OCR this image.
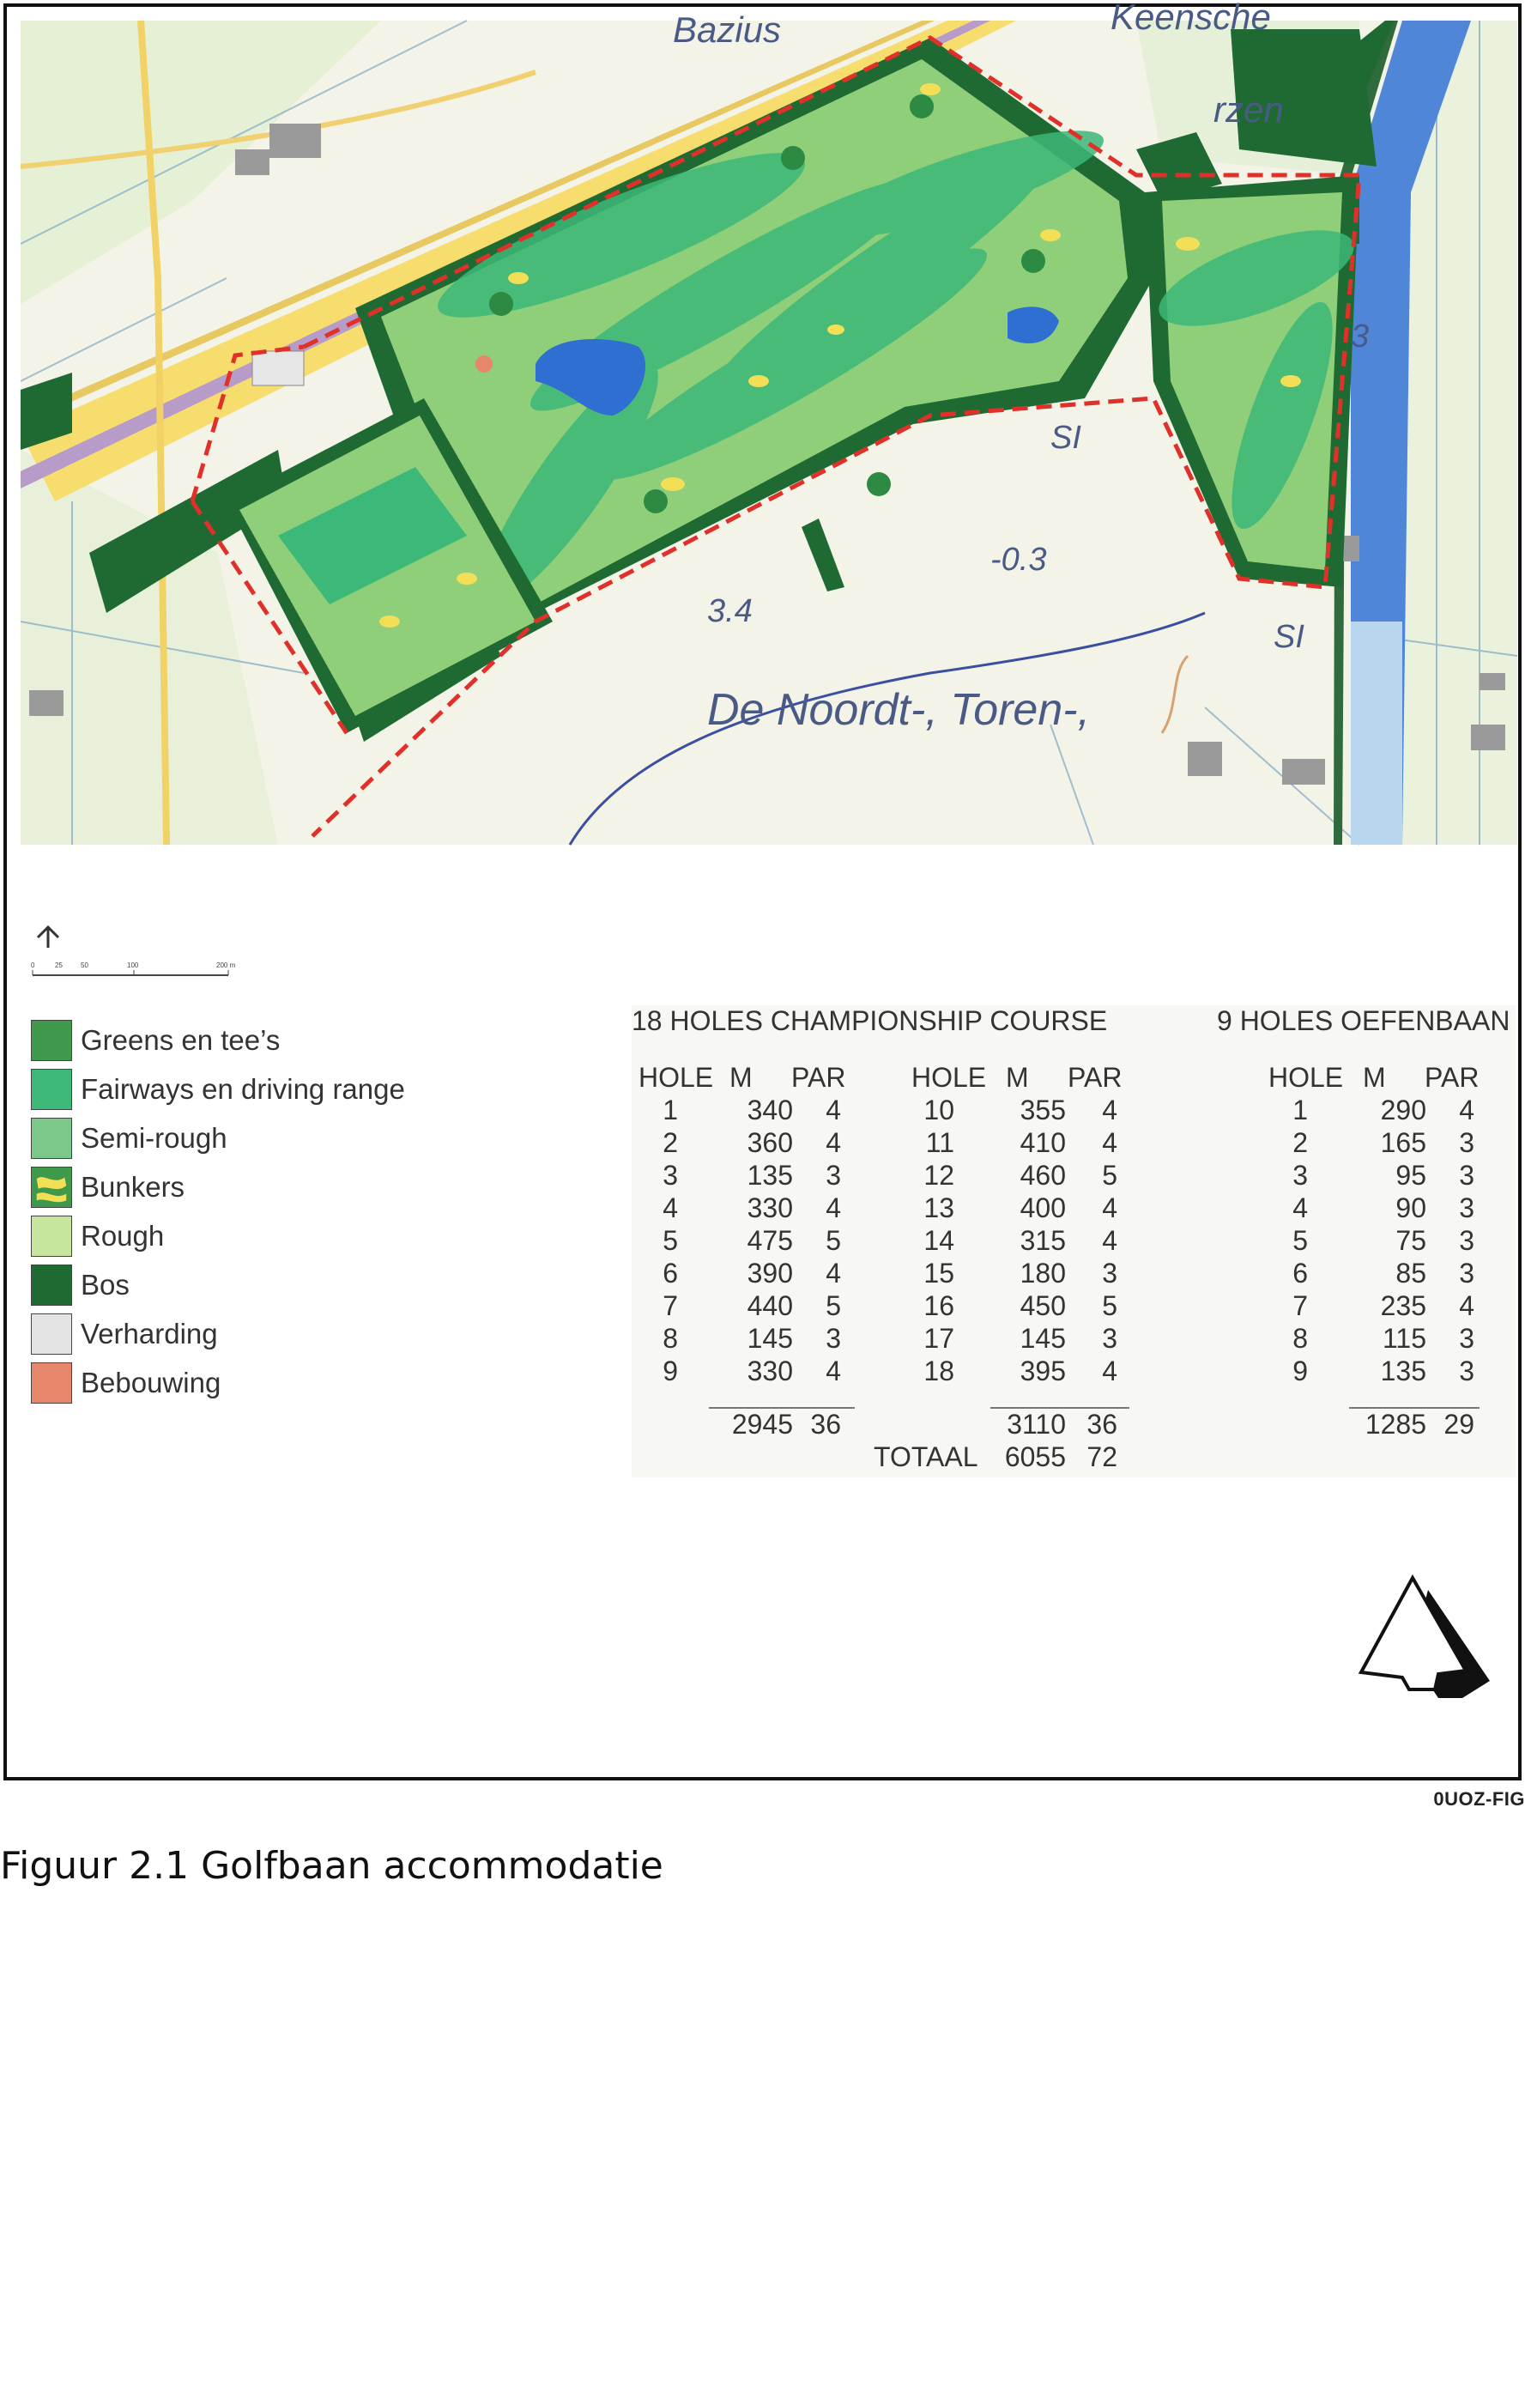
Bazius	Keensche
rzen
De Noordt-, Toren-,
SI
SI
3
-0.3
3.4
0	25	50	100	200 m
Greens en tee’s
Fairways en driving range
Semi-rough
Bunkers
Rough
Bos
Verharding
Bebouwing
18 HOLES CHAMPIONSHIP COURSE	9 HOLES OEFENBAAN
HOLE M PAR HOLE M PAR	HOLE M PAR
2945 36	3110 36	1285 29
TOTAAL 6055 72
1	340	4
2	360	4
3	135	3
4	330	4
5	475	5
6	390	4
7	440	5
8	145	3
9	330	4
10	355	4
11	410	4
12	460	5
13	400	4
14	315	4
15	180	3
16	450	5
17	145	3
18	395	4
1	290	4
2	165	3
3	95	3
4	90	3
5	75	3
6	85	3
7	235	4
8	115	3
9	135	3
0UOZ-FIG
Figuur 2.1 Golfbaan accommodatie
